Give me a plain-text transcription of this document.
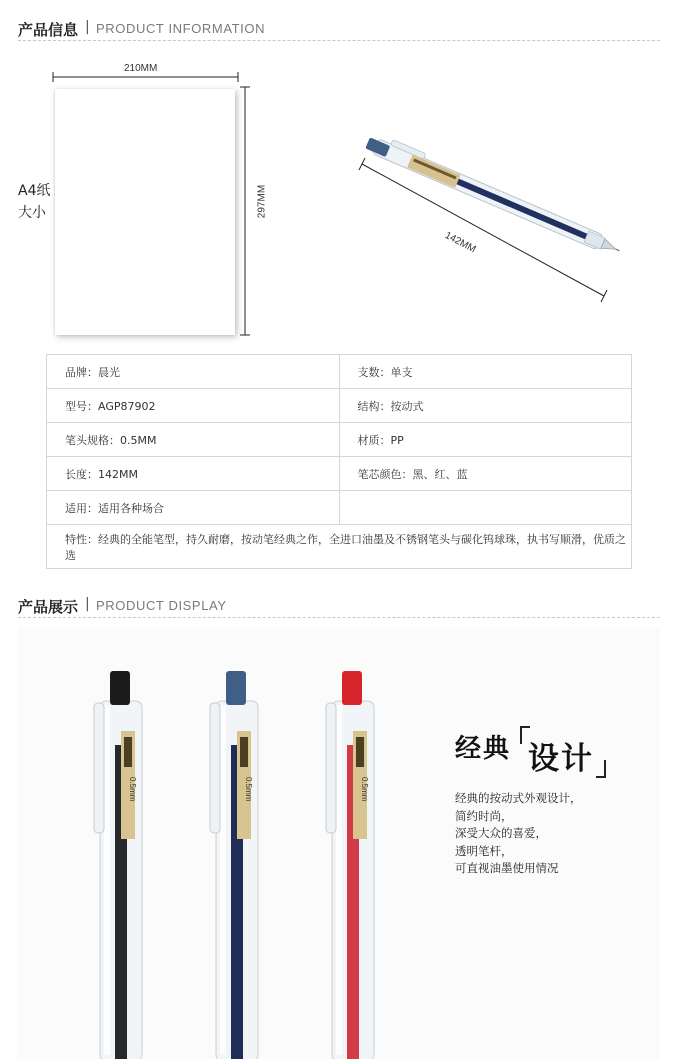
产品信息 | PRODUCT INFORMATION
A4纸
大小
210MM
297MM
142MM
品牌：晨光	支数：单支
型号：AGP87902	结构：按动式
笔头规格：0.5MM	材质：PP
长度：142MM	笔芯颜色：黑、红、蓝
适用：适用各种场合	
特性：经典的全能笔型，持久耐磨，按动笔经典之作，全进口油墨及不锈钢笔头与碳化钨球珠，执书写顺滑，优质之选	
产品展示 | PRODUCT DISPLAY
0.5mm	0.5mm	0.5mm
经典 设计
经典的按动式外观设计，
简约时尚，
深受大众的喜爱，
透明笔杆，
可直视油墨使用情况
